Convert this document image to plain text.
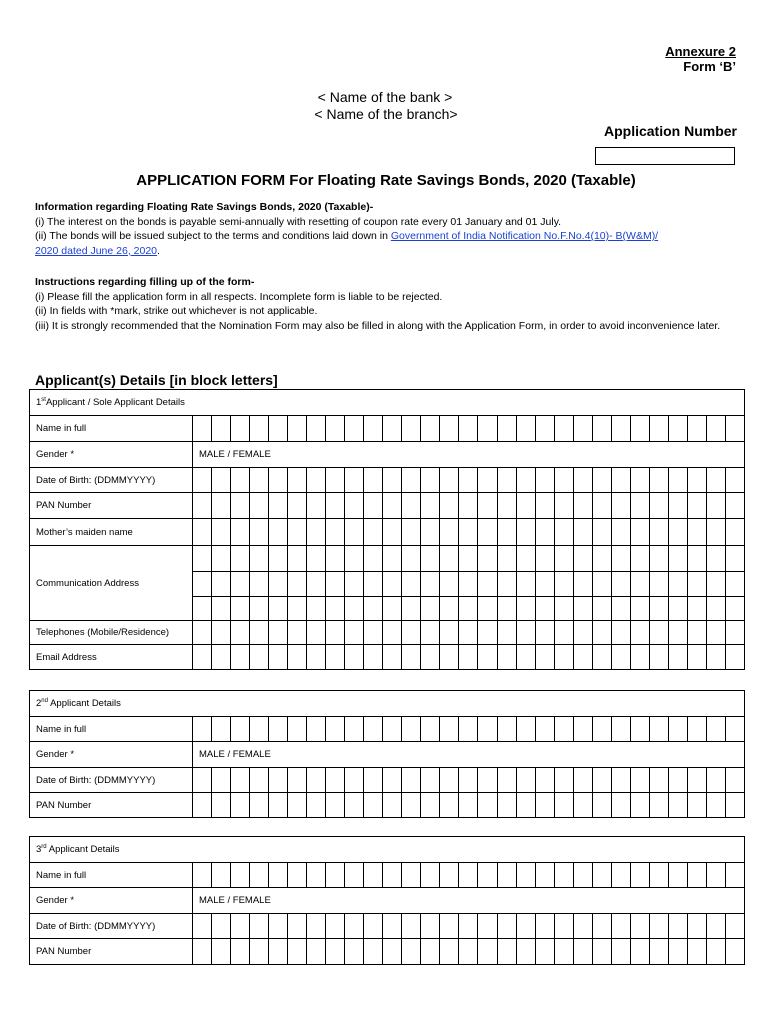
Annexure 2
Form ‘B’
< Name of the bank >
< Name of the branch>
Application Number
APPLICATION FORM For Floating Rate Savings Bonds, 2020 (Taxable)

Information regarding Floating Rate Savings Bonds, 2020 (Taxable)-

(i) The interest on the bonds is payable semi-annually with resetting of coupon rate every 01 January and 01 July.

(ii) The bonds will be issued subject to the terms and conditions laid down in Government of India Notification No.F.No.4(10)- B(W&M)/
2020 dated June 26, 2020.

Instructions regarding filling up of the form-

(i) Please fill the application form in all respects. Incomplete form is liable to be rejected.

(ii) In fields with *mark, strike out whichever is not applicable.

(iii) It is strongly recommended that the Nomination Form may also be filled in along with the Application Form, in order to avoid inconvenience later.

Applicant(s) Details [in block letters]
1stApplicant / Sole Applicant Details																													
Name in full																													
Gender *	MALE / FEMALE																												
Date of Birth: (DDMMYYYY)																													
PAN Number																													
Mother’s maiden name																													
Communication Address																													

Telephones (Mobile/Residence)																													
Email Address																													
2nd Applicant Details																													
Name in full																													
Gender *	MALE / FEMALE																												
Date of Birth: (DDMMYYYY)																													
PAN Number																													
3rd Applicant Details																													
Name in full																													
Gender *	MALE / FEMALE																												
Date of Birth: (DDMMYYYY)																													
PAN Number																													
